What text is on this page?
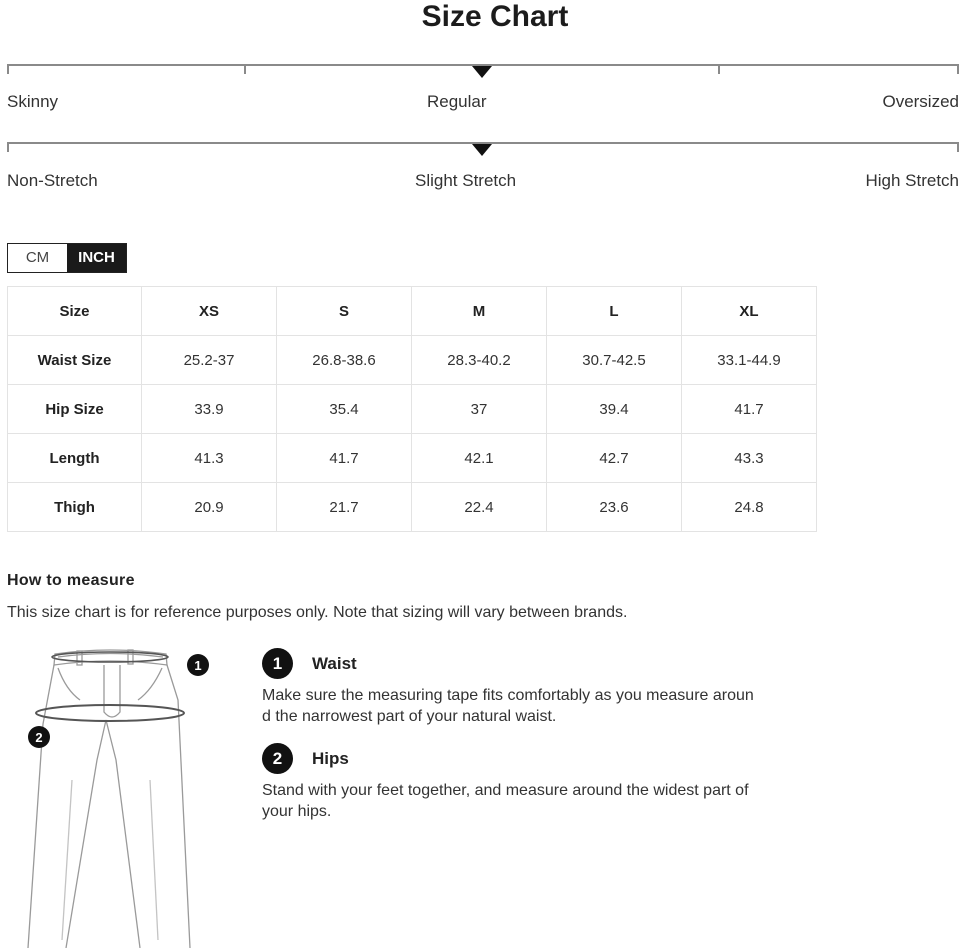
Size Chart
Skinny	Regular	Oversized
Non-Stretch	Slight Stretch	High Stretch
CM	INCH
Size	XS	S	M	L	XL
Waist Size	25.2-37	26.8-38.6	28.3-40.2	30.7-42.5	33.1-44.9
Hip Size	33.9	35.4	37	39.4	41.7
Length	41.3	41.7	42.1	42.7	43.3
Thigh	20.9	21.7	22.4	23.6	24.8
How to measure
This size chart is for reference purposes only. Note that sizing will vary between brands.
1
2
1	Waist
Make sure the measuring tape fits comfortably as you measure aroun
d the narrowest part of your natural waist.
2	Hips
Stand with your feet together, and measure around the widest part of
your hips.
